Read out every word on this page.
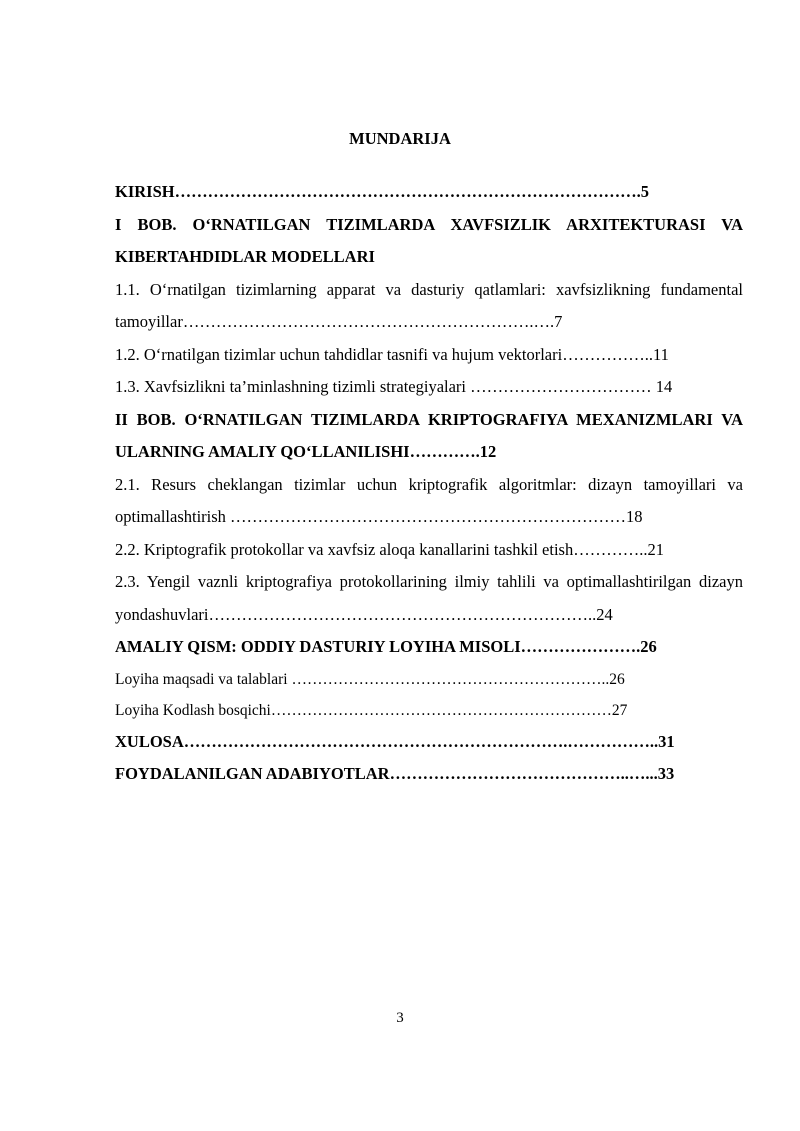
MUNDARIJA
KIRISH………………………………………………………………………….5
I BOB. O‘RNATILGAN TIZIMLARDA XAVFSIZLIK ARXITEKTURASI VA KIBERTAHDIDLAR MODELLARI
1.1. O‘rnatilgan tizimlarning apparat va dasturiy qatlamlari: xavfsizlikning fundamental tamoyillar……………………………………………………….….7
1.2. O‘rnatilgan tizimlar uchun tahdidlar tasnifi va hujum vektorlari……………..11
1.3. Xavfsizlikni ta’minlashning tizimli strategiyalari …………………………… 14
II BOB. O‘RNATILGAN TIZIMLARDA KRIPTOGRAFIYA MEXANIZMLARI VA ULARNING AMALIY QO‘LLANILISHI………….12
2.1. Resurs cheklangan tizimlar uchun kriptografik algoritmlar: dizayn tamoyillari va optimallashtirish ………………………………………………………………18
2.2. Kriptografik protokollar va xavfsiz aloqa kanallarini tashkil etish…………..21
2.3. Yengil vaznli kriptografiya protokollarining ilmiy tahlili va optimallashtirilgan dizayn yondashuvlari……………………………………………………………..24
AMALIY QISM: ODDIY DASTURIY LOYIHA MISOLI………………….26
Loyiha maqsadi va talablari ……………………………………………………..26
Loyiha Kodlash bosqichi…………………………………………………………27
XULOSA…………………………………………………………….……………..31
FOYDALANILGAN ADABIYOTLAR……………………………………..…...33
3
